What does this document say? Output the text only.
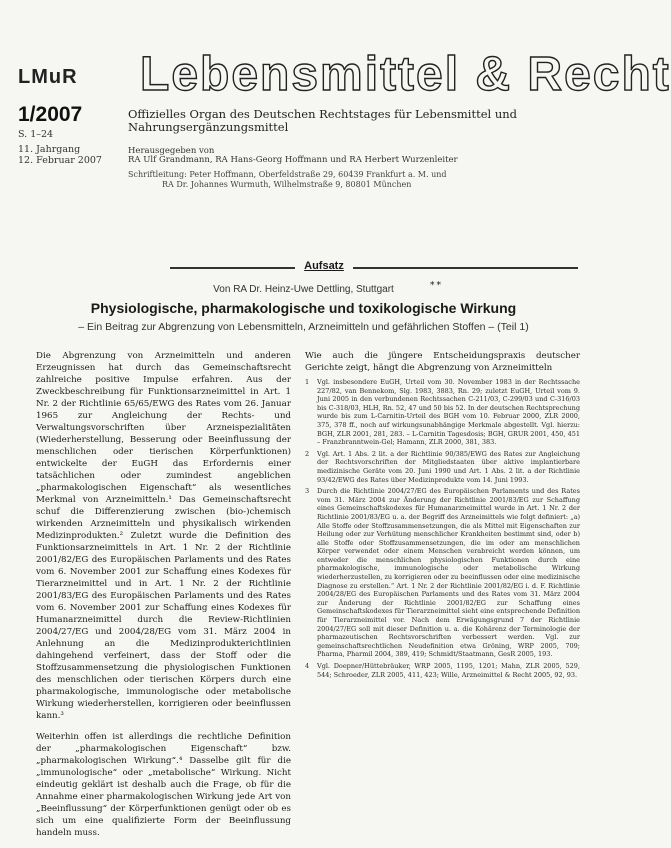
LMuR Lebensmittel & Recht
1/2007
S. 1–24
11. Jahrgang
12. Februar 2007
Offizielles Organ des Deutschen Rechtstages für Lebensmittel und Nahrungsergänzungsmittel
Herausgegeben von
RA Ulf Grandmann, RA Hans-Georg Hoffmann und RA Herbert Wurzenleiter
Schriftleitung: Peter Hoffmann, Oberfeldstraße 29, 60439 Frankfurt a. M. und
RA Dr. Johannes Wurmuth, Wilhelmstraße 9, 80801 München
Aufsatz
Von RA Dr. Heinz-Uwe Dettling, Stuttgart	**
Physiologische, pharmakologische und toxikologische Wirkung
– Ein Beitrag zur Abgrenzung von Lebensmitteln, Arzneimitteln und gefährlichen Stoffen – (Teil 1)

Die Abgrenzung von Arzneimitteln und anderen Erzeugnissen hat durch das Gemeinschaftsrecht zahlreiche positive Impulse erfahren. Aus der Zweckbeschreibung für Funktionsarzneimittel in Art. 1 Nr. 2 der Richtlinie 65/65/EWG des Rates vom 26. Januar 1965 zur Angleichung der Rechts- und Verwaltungsvorschriften über Arzneispezialitäten (Wiederherstellung, Besserung oder Beeinflussung der menschlichen oder tierischen Körperfunktionen) entwickelte der EuGH das Erfordernis einer tatsächlichen oder zumindest angeblichen „pharmakologischen Eigenschaft“ als wesentliches Merkmal von Arzneimitteln.¹ Das Gemeinschaftsrecht schuf die Differenzierung zwischen (bio-)chemisch wirkenden Arzneimitteln und physikalisch wirkenden Medizinprodukten.² Zuletzt wurde die Definition des Funktionsarzneimittels in Art. 1 Nr. 2 der Richtlinie 2001/82/EG des Europäischen Parlaments und des Rates vom 6. November 2001 zur Schaffung eines Kodexes für Tierarzneimittel und in Art. 1 Nr. 2 der Richtlinie 2001/83/EG des Europäischen Parlaments und des Rates vom 6. November 2001 zur Schaffung eines Kodexes für Humanarzneimittel durch die Review-Richtlinien 2004/27/EG und 2004/28/EG vom 31. März 2004 in Anlehnung an die Medizinprodukterichtlinien dahingehend verfeinert, dass der Stoff oder die Stoffzusammensetzung die physiologischen Funktionen des menschlichen oder tierischen Körpers durch eine pharmakologische, immunologische oder metabolische Wirkung wiederherstellen, korrigieren oder beeinflussen kann.³

Weiterhin offen ist allerdings die rechtliche Definition der „pharmakologischen Eigenschaft“ bzw. „pharmakologischen Wirkung“.⁴ Dasselbe gilt für die „immunologische“ oder „metabolische“ Wirkung. Nicht eindeutig geklärt ist deshalb auch die Frage, ob für die Annahme einer pharmakologischen Wirkung jede Art von „Beeinflussung“ der Körperfunktionen genügt oder ob es sich um eine qualifizierte Form der Beeinflussung handeln muss.

Wie auch die jüngere Entscheidungspraxis deutscher Gerichte zeigt, hängt die Abgrenzung von Arzneimitteln

1	Vgl. insbesondere EuGH, Urteil vom 30. November 1983 in der Rechtssache 227/82, van Bennekom, Slg. 1983, 3883, Rn. 29; zuletzt EuGH, Urteil vom 9. Juni 2005 in den verbundenen Rechtssachen C-211/03, C-299/03 und C-316/03 bis C-318/03, HLH, Rn. 52, 47 und 50 bis 52. In der deutschen Rechtsprechung wurde bis zum L-Carnitin-Urteil des BGH vom 10. Februar 2000, ZLR 2000, 375, 378 ff., noch auf wirkungsunabhängige Merkmale abgestellt. Vgl. hierzu: BGH, ZLR 2001, 281, 283. – L-Carnitin Tagesdosis; BGH, GRUR 2001, 450, 451 – Franzbranntwein-Gel; Hamann, ZLR 2000, 381, 383.
2	Vgl. Art. 1 Abs. 2 lit. a der Richtlinie 90/385/EWG des Rates zur Angleichung der Rechtsvorschriften der Mitgliedstaaten über aktive implantierbare medizinische Geräte vom 20. Juni 1990 und Art. 1 Abs. 2 lit. a der Richtlinie 93/42/EWG des Rates über Medizinprodukte vom 14. Juni 1993.
3	Durch die Richtlinie 2004/27/EG des Europäischen Parlaments und des Rates vom 31. März 2004 zur Änderung der Richtlinie 2001/83/EG zur Schaffung eines Gemeinschaftskodexes für Humanarzneimittel wurde in Art. 1 Nr. 2 der Richtlinie 2001/83/EG u. a. der Begriff des Arzneimittels wie folgt definiert: „a) Alle Stoffe oder Stoffzusammensetzungen, die als Mittel mit Eigenschaften zur Heilung oder zur Verhütung menschlicher Krankheiten bestimmt sind, oder b) alle Stoffe oder Stoffzusammensetzungen, die im oder am menschlichen Körper verwendet oder einem Menschen verabreicht werden können, um entweder die menschlichen physiologischen Funktionen durch eine pharmakologische, immunologische oder metabolische Wirkung wiederherzustellen, zu korrigieren oder zu beeinflussen oder eine medizinische Diagnose zu erstellen.“ Art. 1 Nr. 2 der Richtlinie 2001/82/EG i. d. F. Richtlinie 2004/28/EG des Europäischen Parlaments und des Rates vom 31. März 2004 zur Änderung der Richtlinie 2001/82/EG zur Schaffung eines Gemeinschaftskodexes für Tierarzneimittel sieht eine entsprechende Definition für Tierarzneimittel vor. Nach dem Erwägungsgrund 7 der Richtlinie 2004/27/EG soll mit dieser Definition u. a. die Kohärenz der Terminologie der pharmazeutischen Rechtsvorschriften verbessert werden. Vgl. zur gemeinschaftsrechtlichen Neudefinition etwa Gröning, WRP 2005, 709; Pharma, Pharmil 2004, 389, 419; Schmidt/Staatmann, GesR 2005, 193.
4	Vgl. Doepner/Hüttebräuker, WRP 2005, 1195, 1201; Mahn, ZLR 2005, 529, 544; Schroeder, ZLR 2005, 411, 423; Wille, Arzneimittel & Recht 2005, 92, 93.
